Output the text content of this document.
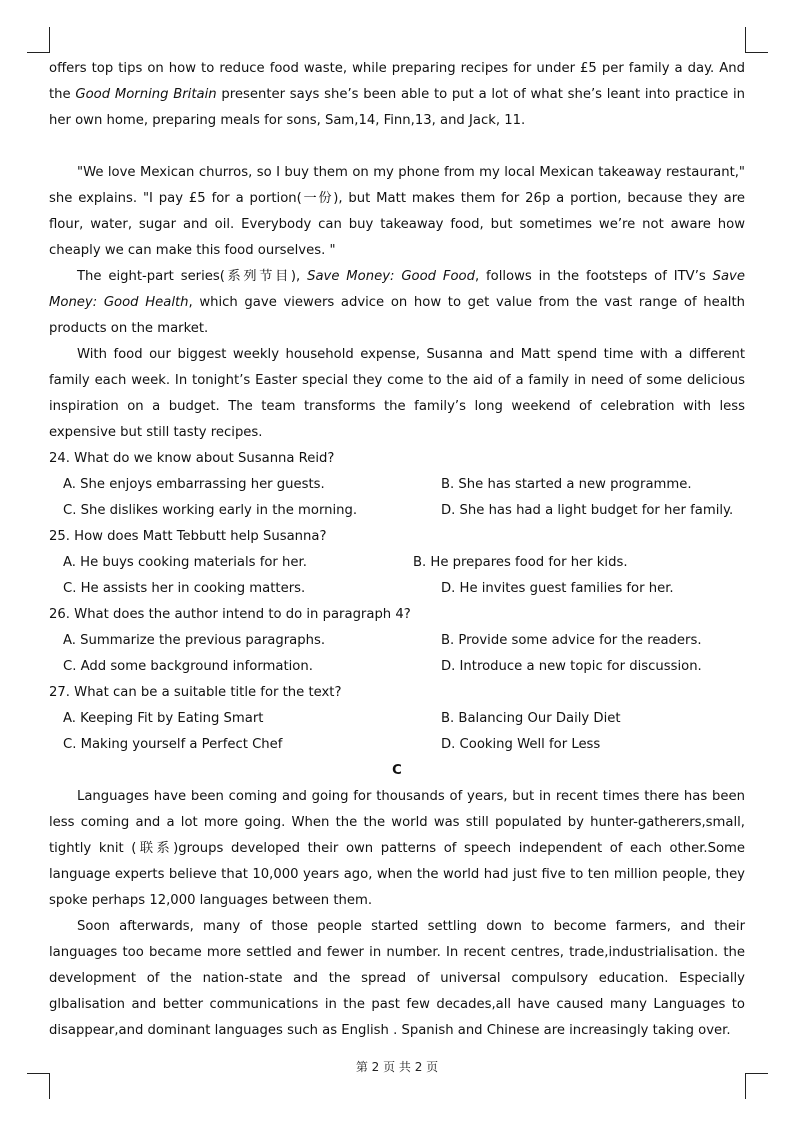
offers top tips on how to reduce food waste, while preparing recipes for under £5 per family a day. And the Good Morning Britain presenter says she’s been able to put a lot of what she’s leant into practice in her own home, preparing meals for sons, Sam,14, Finn,13, and Jack, 11.

"We love Mexican churros, so I buy them on my phone from my local Mexican takeaway restaurant," she explains. "I pay £5 for a portion(一份), but Matt makes them for 26p a portion, because they are flour, water, sugar and oil. Everybody can buy takeaway food, but sometimes we’re not aware how cheaply we can make this food ourselves. "

The eight-part series(系列节目), Save Money: Good Food, follows in the footsteps of ITV’s Save Money: Good Health, which gave viewers advice on how to get value from the vast range of health products on the market.

With food our biggest weekly household expense, Susanna and Matt spend time with a different family each week. In tonight’s Easter special they come to the aid of a family in need of some delicious inspiration on a budget. The team transforms the family’s long weekend of celebration with less expensive but still tasty recipes.

24. What do we know about Susanna Reid?

A. She enjoys embarrassing her guests.	B. She has started a new programme.
C. She dislikes working early in the morning.	D. She has had a light budget for her family.

25. How does Matt Tebbutt help Susanna?

A. He buys cooking materials for her.	B. He prepares food for her kids.
C. He assists her in cooking matters.	D. He invites guest families for her.

26. What does the author intend to do in paragraph 4?

A. Summarize the previous paragraphs.	B. Provide some advice for the readers.
C. Add some background information.	D. Introduce a new topic for discussion.

27. What can be a suitable title for the text?

A. Keeping Fit by Eating Smart	B. Balancing Our Daily Diet
C. Making yourself a Perfect Chef	D. Cooking Well for Less

C

Languages have been coming and going for thousands of years, but in recent times there has been less coming and a lot more going. When the the world was still populated by hunter-gatherers,small, tightly knit (联系)groups developed their own patterns of speech independent of each other.Some language experts believe that 10,000 years ago, when the world had just five to ten million people, they spoke perhaps 12,000 languages between them.

Soon afterwards, many of those people started settling down to become farmers, and their languages too became more settled and fewer in number. In recent centres, trade,industrialisation. the development of the nation-state and the spread of universal compulsory education. Especially glbalisation and better communications in the past few decades,all have caused many Languages to disappear,and dominant languages such as English . Spanish and Chinese are increasingly taking over.

第 2 页 共 2 页
